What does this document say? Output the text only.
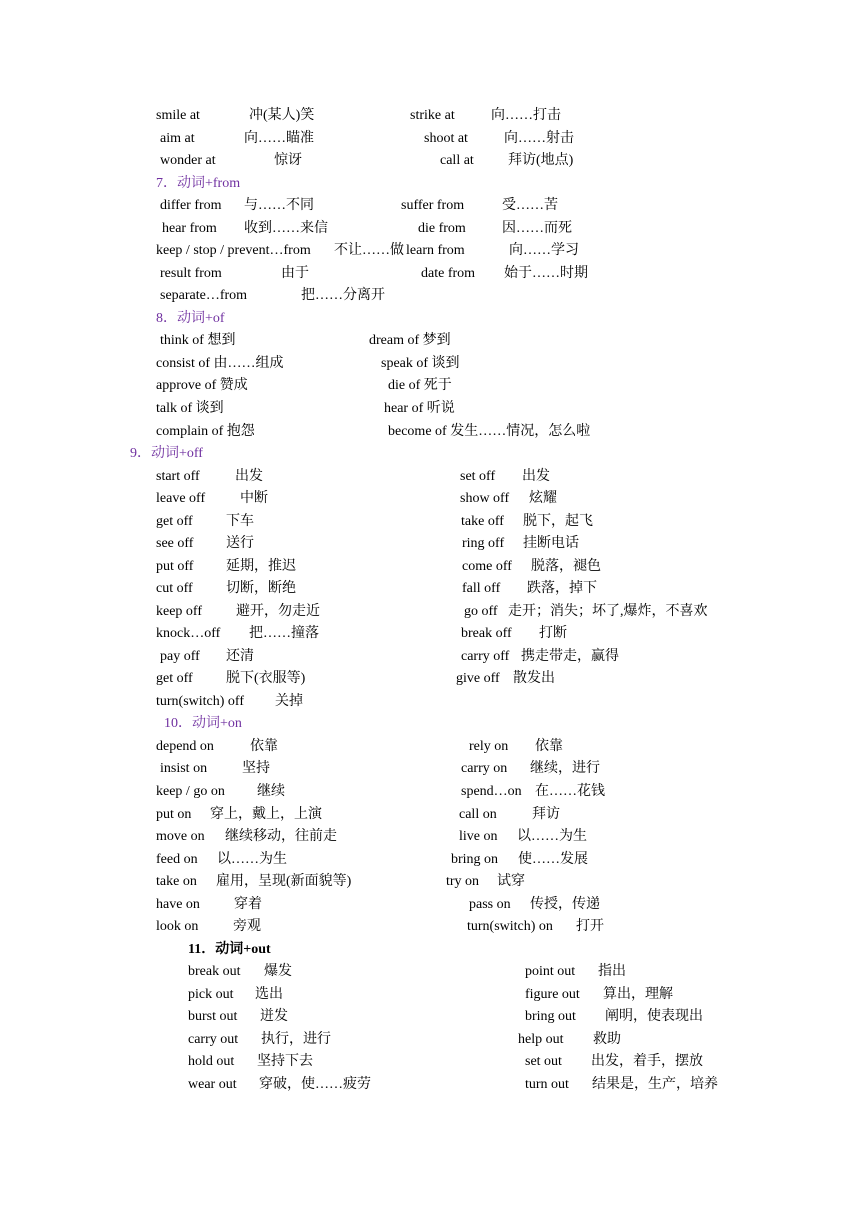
smile at	冲(某人)笑	strike at	向……打击
aim at	向……瞄准	shoot at	向……射击
wonder at	惊讶	call at 拜访(地点)
7．动词+from
differ from 与……不同	suffer from	受……苦
hear from 收到……来信	die from	因……而死
keep / stop / prevent…from 不让……做 learn from	向……学习
result from	由于	date from 始于……时期
separate…from	把……分离开
8．动词+of
think of 想到	dream of 梦到
consist of 由……组成	speak of 谈到
approve of 赞成	die of 死于
talk of 谈到	hear of 听说
complain of 抱怨	become of 发生……情况，怎么啦
9．动词+off
start off	出发	set off 出发
leave off 中断	show off 炫耀
get off 下车	take off 脱下，起飞
see off 送行	ring off 挂断电话
put off 延期，推迟	come off 脱落，褪色
cut off 切断，断绝	fall off 跌落，掉下
keep off 避开，勿走近	go off 走开；消失；坏了,爆炸，不喜欢
knock…off 把……撞落	break off 打断
pay off 还清	carry off 携走带走，赢得
get off 脱下(衣服等)	give off 散发出
turn(switch) off 关掉
10．动词+on
depend on	依靠	rely on 依靠
insist on 坚持	carry on 继续，进行
keep / go on 继续	spend…on 在……花钱
put on 穿上，戴上，上演	call on	拜访
move on 继续移动，往前走	live on 以……为生
feed on 以……为生	bring on 使……发展
take on 雇用，呈现(新面貌等)	try on 试穿
have on 穿着	pass on 传授，传递
look on 旁观	turn(switch) on 打开
11．动词+out
break out 爆发	point out 指出
pick out 选出	figure out 算出，理解
burst out 迸发	bring out 阐明，使表现出
carry out 执行，进行	help out 救助
hold out 坚持下去	set out 出发，着手，摆放
wear out 穿破，使……疲劳	turn out 结果是，生产，培养
